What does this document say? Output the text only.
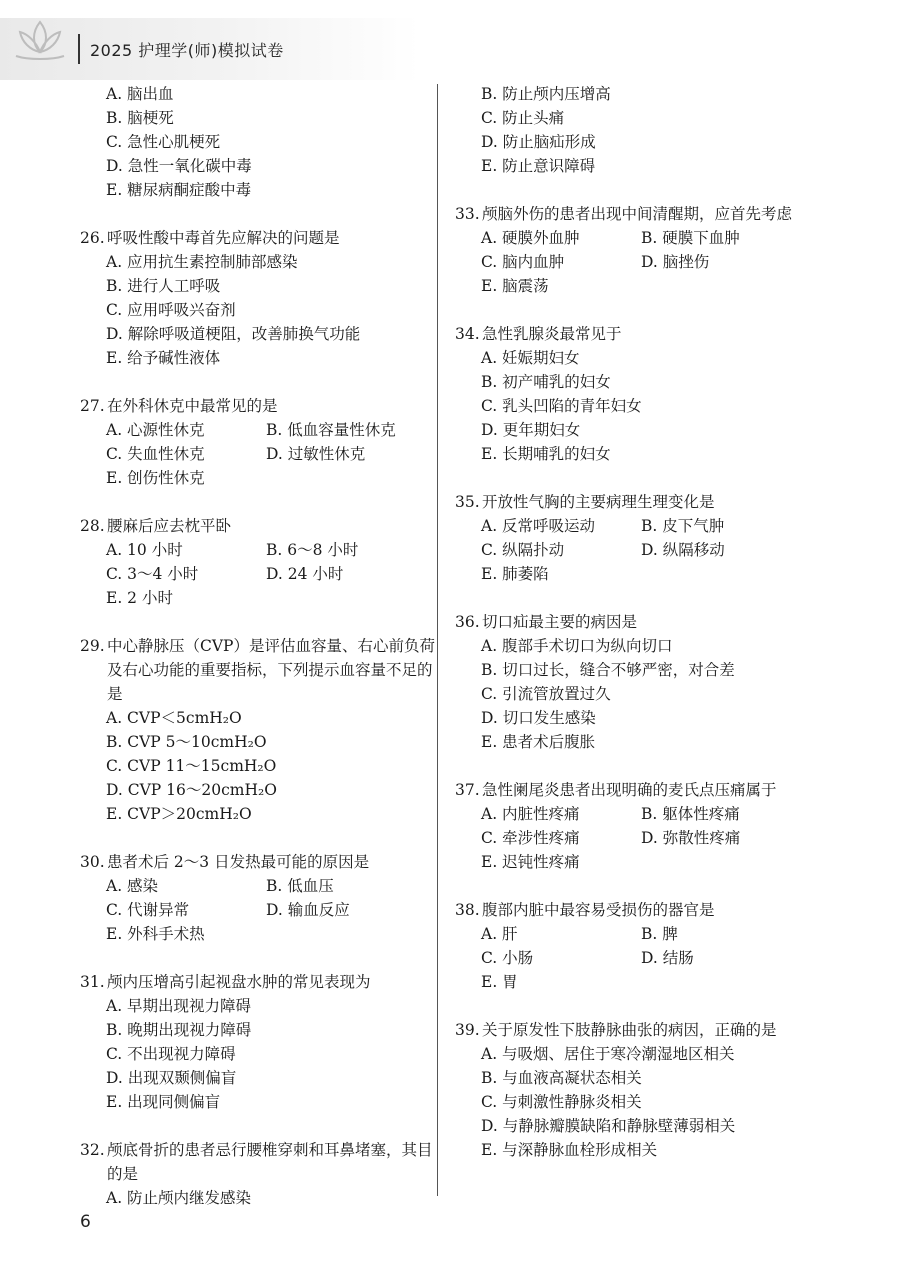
2025 护理学(师)模拟试卷
A. 脑出血
B. 脑梗死
C. 急性心肌梗死
D. 急性一氧化碳中毒
E. 糖尿病酮症酸中毒
26. 呼吸性酸中毒首先应解决的问题是
A. 应用抗生素控制肺部感染
B. 进行人工呼吸
C. 应用呼吸兴奋剂
D. 解除呼吸道梗阻，改善肺换气功能
E. 给予碱性液体
27. 在外科休克中最常见的是
A. 心源性休克	B. 低血容量性休克
C. 失血性休克	D. 过敏性休克
E. 创伤性休克
28. 腰麻后应去枕平卧
A. 10 小时	B. 6～8 小时
C. 3～4 小时	D. 24 小时
E. 2 小时
29. 中心静脉压（CVP）是评估血容量、右心前负荷及右心功能的重要指标，下列提示血容量不足的是
A. CVP＜5cmH₂O
B. CVP 5～10cmH₂O
C. CVP 11～15cmH₂O
D. CVP 16～20cmH₂O
E. CVP＞20cmH₂O
30. 患者术后 2～3 日发热最可能的原因是
A. 感染	B. 低血压
C. 代谢异常	D. 输血反应
E. 外科手术热
31. 颅内压增高引起视盘水肿的常见表现为
A. 早期出现视力障碍
B. 晚期出现视力障碍
C. 不出现视力障碍
D. 出现双颞侧偏盲
E. 出现同侧偏盲
32. 颅底骨折的患者忌行腰椎穿刺和耳鼻堵塞，其目的是
A. 防止颅内继发感染
B. 防止颅内压增高
C. 防止头痛
D. 防止脑疝形成
E. 防止意识障碍
33. 颅脑外伤的患者出现中间清醒期，应首先考虑
A. 硬膜外血肿	B. 硬膜下血肿
C. 脑内血肿	D. 脑挫伤
E. 脑震荡
34. 急性乳腺炎最常见于
A. 妊娠期妇女
B. 初产哺乳的妇女
C. 乳头凹陷的青年妇女
D. 更年期妇女
E. 长期哺乳的妇女
35. 开放性气胸的主要病理生理变化是
A. 反常呼吸运动	B. 皮下气肿
C. 纵隔扑动	D. 纵隔移动
E. 肺萎陷
36. 切口疝最主要的病因是
A. 腹部手术切口为纵向切口
B. 切口过长，缝合不够严密，对合差
C. 引流管放置过久
D. 切口发生感染
E. 患者术后腹胀
37. 急性阑尾炎患者出现明确的麦氏点压痛属于
A. 内脏性疼痛	B. 躯体性疼痛
C. 牵涉性疼痛	D. 弥散性疼痛
E. 迟钝性疼痛
38. 腹部内脏中最容易受损伤的器官是
A. 肝	B. 脾
C. 小肠	D. 结肠
E. 胃
39. 关于原发性下肢静脉曲张的病因，正确的是
A. 与吸烟、居住于寒冷潮湿地区相关
B. 与血液高凝状态相关
C. 与刺激性静脉炎相关
D. 与静脉瓣膜缺陷和静脉壁薄弱相关
E. 与深静脉血栓形成相关
6
